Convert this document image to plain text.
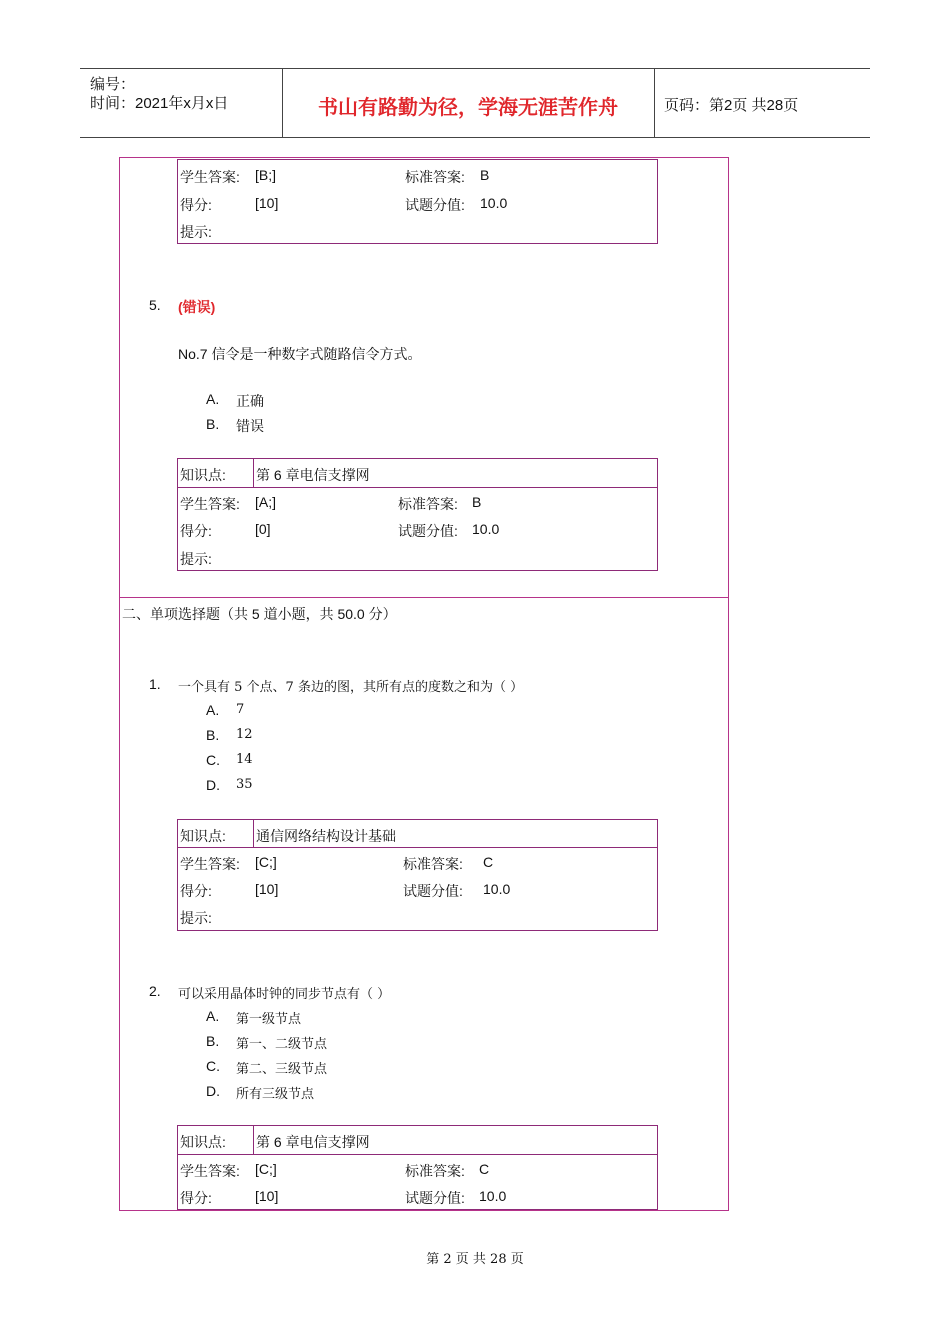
编号：
时间：2021年x月x日	书山有路勤为径，学海无涯苦作舟	页码：第2页 共28页
学生答案: [B;]	标准答案: B
得分:	[10]	试题分值: 10.0
提示:
5. (错误)
No.7 信令是一种数字式随路信令方式。
A. 正确
B. 错误
知识点: 第 6 章电信支撑网
学生答案: [A;]	标准答案: B
得分:	[0]	试题分值: 10.0
提示:
二、单项选择题（共 5 道小题，共 50.0 分）
1. 一个具有 5 个点、7 条边的图，其所有点的度数之和为（ ）
A. 7
B. 12
C. 14
D. 35
知识点: 通信网络结构设计基础
学生答案: [C;]	标准答案: C
得分:	[10]	试题分值: 10.0
提示:
2. 可以采用晶体时钟的同步节点有（ ）
A. 第一级节点
B. 第一、二级节点
C. 第二、三级节点
D. 所有三级节点
知识点: 第 6 章电信支撑网
学生答案: [C;]	标准答案: C
得分:	[10]	试题分值: 10.0
第 2 页 共 28 页
